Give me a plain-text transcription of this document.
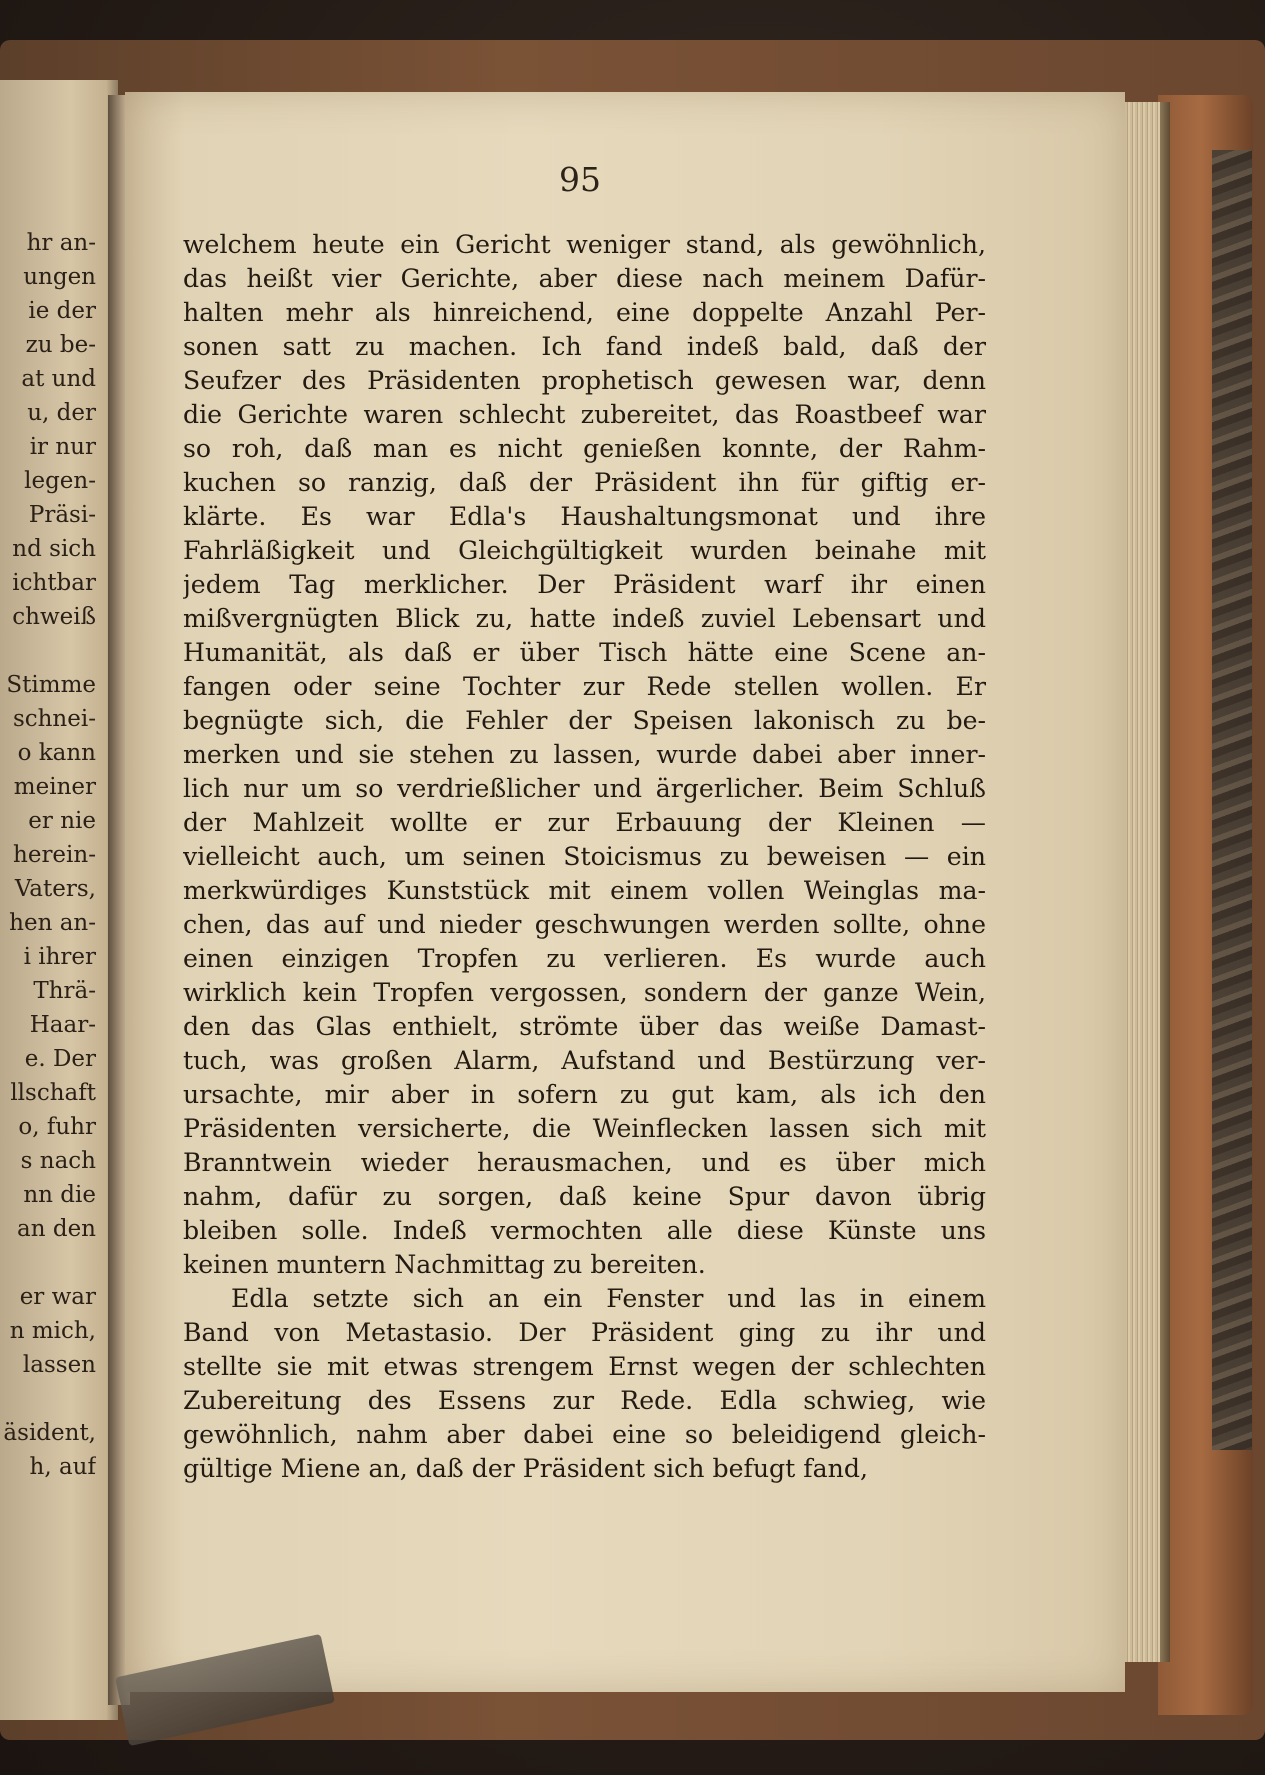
95
hr an-
ungen
ie der
zu be-
at und
u, der
ir nur
legen-
Präsi-
nd sich
ichtbar
chweiß
Stimme
schnei-
o kann
meiner
er nie
herein-
Vaters,
hen an-
i ihrer
Thrä-
Haar-
e. Der
llschaft
o, fuhr
s nach
nn die
an den
er war
n mich,
lassen
äsident,
h, auf
welchem heute ein Gericht weniger stand, als gewöhnlich,
das heißt vier Gerichte, aber diese nach meinem Dafür-
halten mehr als hinreichend, eine doppelte Anzahl Per-
sonen satt zu machen. Ich fand indeß bald, daß der
Seufzer des Präsidenten prophetisch gewesen war, denn
die Gerichte waren schlecht zubereitet, das Roastbeef war
so roh, daß man es nicht genießen konnte, der Rahm-
kuchen so ranzig, daß der Präsident ihn für giftig er-
klärte. Es war Edla's Haushaltungsmonat und ihre
Fahrläßigkeit und Gleichgültigkeit wurden beinahe mit
jedem Tag merklicher. Der Präsident warf ihr einen
mißvergnügten Blick zu, hatte indeß zuviel Lebensart und
Humanität, als daß er über Tisch hätte eine Scene an-
fangen oder seine Tochter zur Rede stellen wollen. Er
begnügte sich, die Fehler der Speisen lakonisch zu be-
merken und sie stehen zu lassen, wurde dabei aber inner-
lich nur um so verdrießlicher und ärgerlicher. Beim Schluß
der Mahlzeit wollte er zur Erbauung der Kleinen —
vielleicht auch, um seinen Stoicismus zu beweisen — ein
merkwürdiges Kunststück mit einem vollen Weinglas ma-
chen, das auf und nieder geschwungen werden sollte, ohne
einen einzigen Tropfen zu verlieren. Es wurde auch
wirklich kein Tropfen vergossen, sondern der ganze Wein,
den das Glas enthielt, strömte über das weiße Damast-
tuch, was großen Alarm, Aufstand und Bestürzung ver-
ursachte, mir aber in sofern zu gut kam, als ich den
Präsidenten versicherte, die Weinflecken lassen sich mit
Branntwein wieder herausmachen, und es über mich
nahm, dafür zu sorgen, daß keine Spur davon übrig
bleiben solle. Indeß vermochten alle diese Künste uns
keinen muntern Nachmittag zu bereiten.
Edla setzte sich an ein Fenster und las in einem
Band von Metastasio. Der Präsident ging zu ihr und
stellte sie mit etwas strengem Ernst wegen der schlechten
Zubereitung des Essens zur Rede. Edla schwieg, wie
gewöhnlich, nahm aber dabei eine so beleidigend gleich-
gültige Miene an, daß der Präsident sich befugt fand,
